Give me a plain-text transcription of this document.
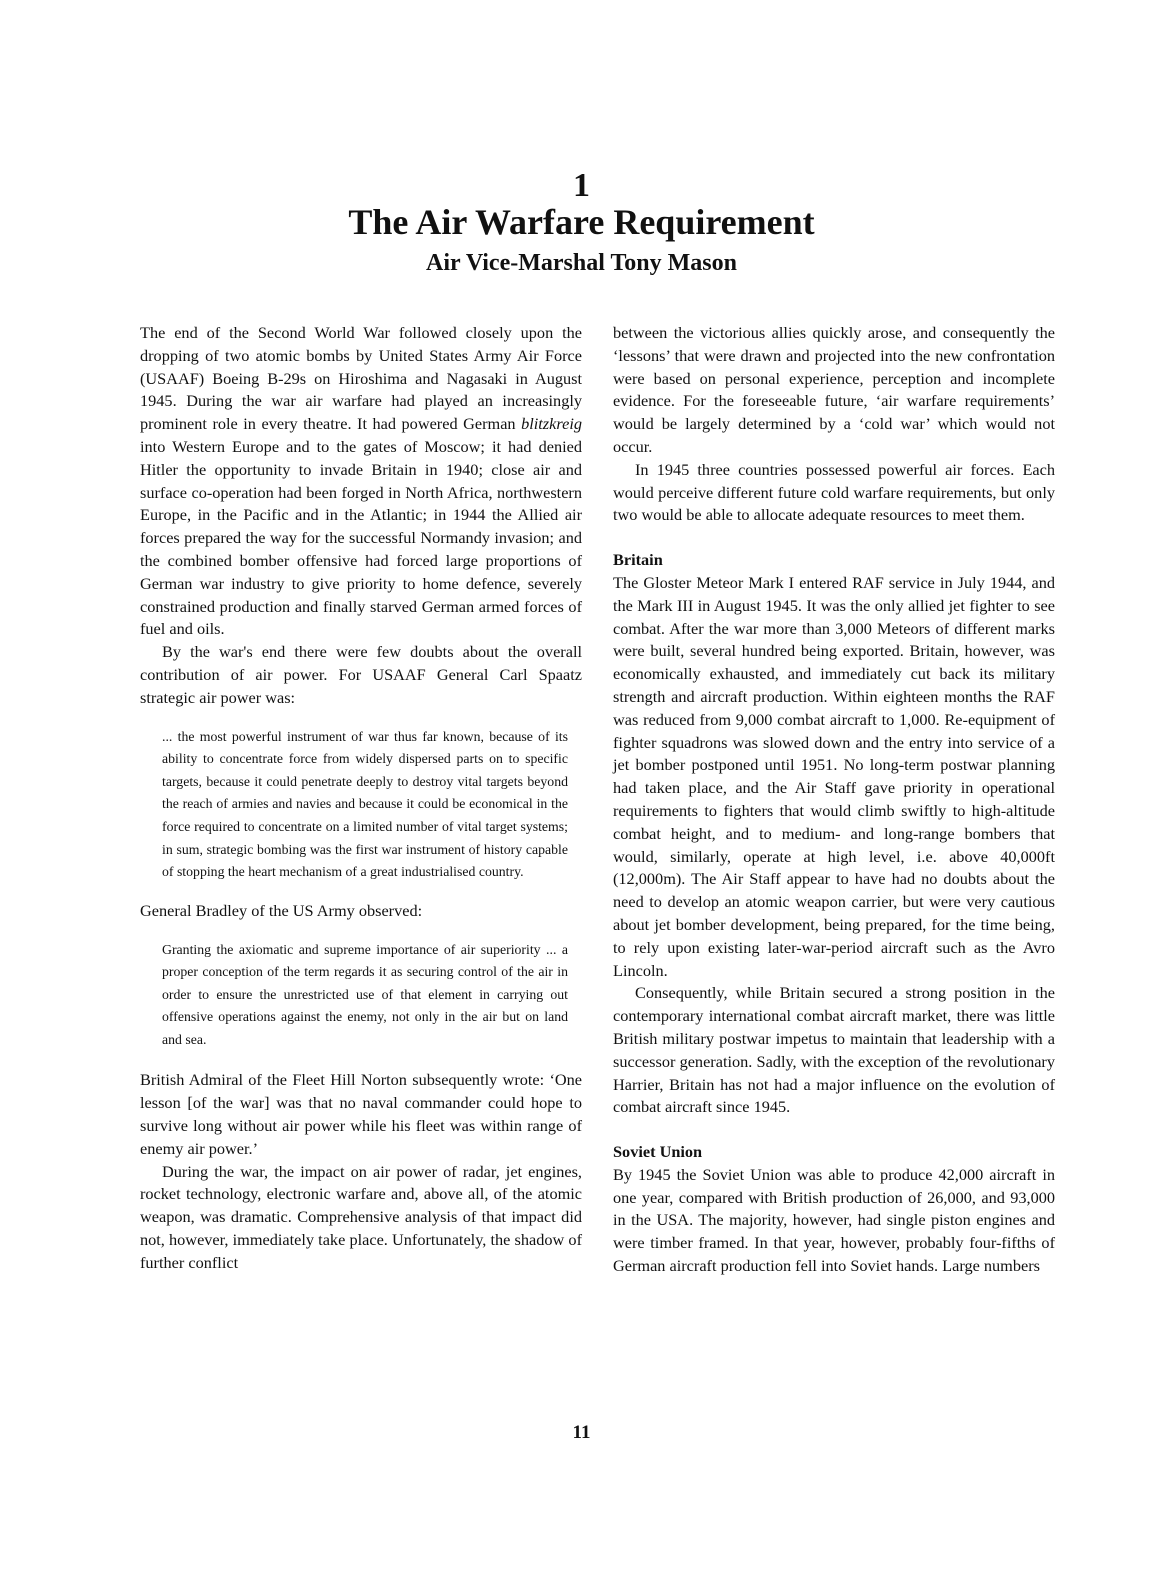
1
The Air Warfare Requirement
Air Vice-Marshal Tony Mason

The end of the Second World War followed closely upon the dropping of two atomic bombs by United States Army Air Force (USAAF) Boeing B-29s on Hiroshima and Nagasaki in August 1945. During the war air warfare had played an increasingly prominent role in every theatre. It had powered German blitzkreig into Western Europe and to the gates of Moscow; it had denied Hitler the opportunity to invade Britain in 1940; close air and surface co-operation had been forged in North Africa, northwestern Europe, in the Pacific and in the Atlantic; in 1944 the Allied air forces prepared the way for the successful Normandy invasion; and the combined bomber offensive had forced large proportions of German war industry to give priority to home defence, severely constrained production and finally starved German armed forces of fuel and oils.

By the war's end there were few doubts about the overall contribution of air power. For USAAF General Carl Spaatz strategic air power was:

... the most powerful instrument of war thus far known, because of its ability to concentrate force from widely dispersed parts on to specific targets, because it could penetrate deeply to destroy vital targets beyond the reach of armies and navies and because it could be economical in the force required to concentrate on a limited number of vital target systems; in sum, strategic bombing was the first war instrument of history capable of stopping the heart mechanism of a great industrialised country.

General Bradley of the US Army observed:

Granting the axiomatic and supreme importance of air superiority ... a proper conception of the term regards it as securing control of the air in order to ensure the unrestricted use of that element in carrying out offensive operations against the enemy, not only in the air but on land and sea.

British Admiral of the Fleet Hill Norton subsequently wrote: ‘One lesson [of the war] was that no naval commander could hope to survive long without air power while his fleet was within range of enemy air power.’

During the war, the impact on air power of radar, jet engines, rocket technology, electronic warfare and, above all, of the atomic weapon, was dramatic. Comprehensive analysis of that impact did not, however, immediately take place. Unfortunately, the shadow of further conflict

between the victorious allies quickly arose, and consequently the ‘lessons’ that were drawn and projected into the new confrontation were based on personal experience, perception and incomplete evidence. For the foreseeable future, ‘air warfare requirements’ would be largely determined by a ‘cold war’ which would not occur.

In 1945 three countries possessed powerful air forces. Each would perceive different future cold warfare requirements, but only two would be able to allocate adequate resources to meet them.

Britain

The Gloster Meteor Mark I entered RAF service in July 1944, and the Mark III in August 1945. It was the only allied jet fighter to see combat. After the war more than 3,000 Meteors of different marks were built, several hundred being exported. Britain, however, was economically exhausted, and immediately cut back its military strength and aircraft production. Within eighteen months the RAF was reduced from 9,000 combat aircraft to 1,000. Re-equipment of fighter squadrons was slowed down and the entry into service of a jet bomber postponed until 1951. No long-term postwar planning had taken place, and the Air Staff gave priority in operational requirements to fighters that would climb swiftly to high-altitude combat height, and to medium- and long-range bombers that would, similarly, operate at high level, i.e. above 40,000ft (12,000m). The Air Staff appear to have had no doubts about the need to develop an atomic weapon carrier, but were very cautious about jet bomber development, being prepared, for the time being, to rely upon existing later-war-period aircraft such as the Avro Lincoln.

Consequently, while Britain secured a strong position in the contemporary international combat aircraft market, there was little British military postwar impetus to maintain that leadership with a successor generation. Sadly, with the exception of the revolutionary Harrier, Britain has not had a major influence on the evolution of combat aircraft since 1945.

Soviet Union

By 1945 the Soviet Union was able to produce 42,000 aircraft in one year, compared with British production of 26,000, and 93,000 in the USA. The majority, however, had single piston engines and were timber framed. In that year, however, probably four-fifths of German aircraft production fell into Soviet hands. Large numbers

11
